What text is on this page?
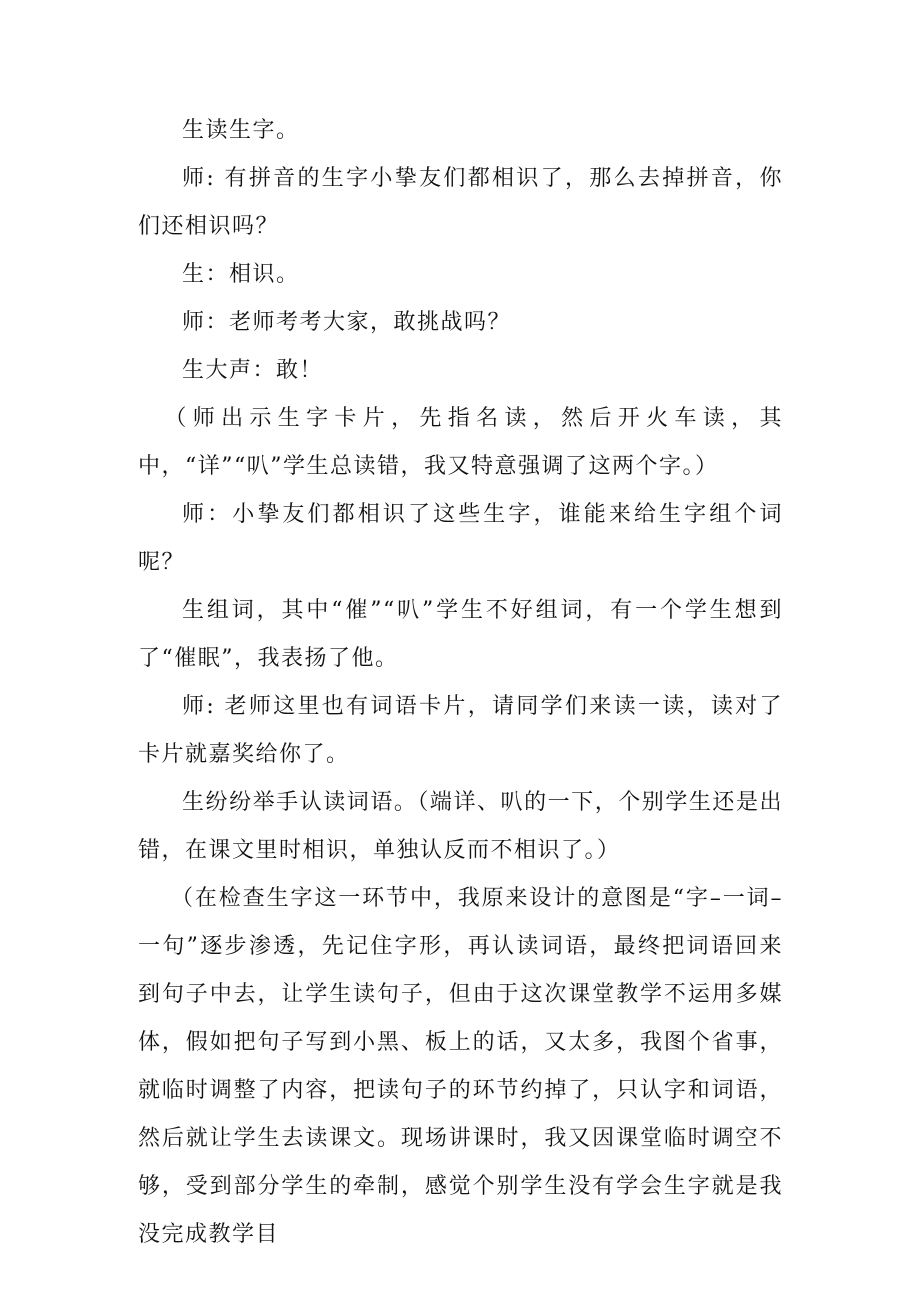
生读生字。

师: 有拼音的生字小挚友们都相识了，那么去掉拼音，你们还相识吗？

生：相识。

师：老师考考大家，敢挑战吗？

生大声：敢！

（师出示生字卡片，先指名读，然后开火车读，其中，“详”“叭”学生总读错，我又特意强调了这两个字。）

师：小挚友们都相识了这些生字，谁能来给生字组个词呢？

生组词，其中“催”“叭”学生不好组词，有一个学生想到了“催眠”，我表扬了他。

师: 老师这里也有词语卡片，请同学们来读一读，读对了卡片就嘉奖给你了。

生纷纷举手认读词语。（端详、叭的一下，个别学生还是出错，在课文里时相识，单独认反而不相识了。）

（在检查生字这一环节中，我原来设计的意图是“字–一词–一句”逐步渗透，先记住字形，再认读词语，最终把词语回来到句子中去，让学生读句子，但由于这次课堂教学不运用多媒体，假如把句子写到小黑、板上的话，又太多，我图个省事，就临时调整了内容，把读句子的环节约掉了，只认字和词语，然后就让学生去读课文。现场讲课时，我又因课堂临时调空不够，受到部分学生的牵制，感觉个别学生没有学会生字就是我没完成教学目
